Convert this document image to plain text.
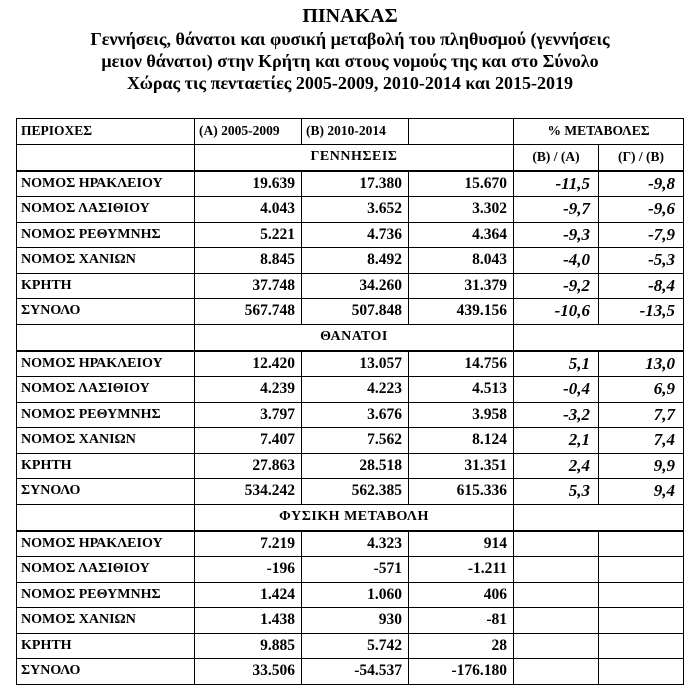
ΠΙΝΑΚΑΣ
Γεννήσεις, θάνατοι και φυσική μεταβολή του πληθυσμού (γεννήσεις
μειον θάνατοι) στην Κρήτη και στους νομούς της και στο Σύνολο
Χώρας τις πενταετίες 2005-2009, 2010-2014 και 2015-2019
ΠΕΡΙΟΧΕΣ	(Α) 2005-2009	(Β) 2010-2014		% ΜΕΤΑΒΟΛΕΣ	
	ΓΕΝΝΗΣΕΙΣ			(Β) / (Α)	(Γ) / (Β)
ΝΟΜΟΣ ΗΡΑΚΛΕΙΟΥ	19.639	17.380	15.670	-11,5	-9,8
ΝΟΜΟΣ ΛΑΣΙΘΙΟΥ	4.043	3.652	3.302	-9,7	-9,6
ΝΟΜΟΣ ΡΕΘΥΜΝΗΣ	5.221	4.736	4.364	-9,3	-7,9
ΝΟΜΟΣ ΧΑΝΙΩΝ	8.845	8.492	8.043	-4,0	-5,3
ΚΡΗΤΗ	37.748	34.260	31.379	-9,2	-8,4
ΣΥΝΟΛΟ	567.748	507.848	439.156	-10,6	-13,5
	ΘΑΝΑΤΟΙ				
ΝΟΜΟΣ ΗΡΑΚΛΕΙΟΥ	12.420	13.057	14.756	5,1	13,0
ΝΟΜΟΣ ΛΑΣΙΘΙΟΥ	4.239	4.223	4.513	-0,4	6,9
ΝΟΜΟΣ ΡΕΘΥΜΝΗΣ	3.797	3.676	3.958	-3,2	7,7
ΝΟΜΟΣ ΧΑΝΙΩΝ	7.407	7.562	8.124	2,1	7,4
ΚΡΗΤΗ	27.863	28.518	31.351	2,4	9,9
ΣΥΝΟΛΟ	534.242	562.385	615.336	5,3	9,4
	ΦΥΣΙΚΗ ΜΕΤΑΒΟΛΗ				
ΝΟΜΟΣ ΗΡΑΚΛΕΙΟΥ	7.219	4.323	914		
ΝΟΜΟΣ ΛΑΣΙΘΙΟΥ	-196	-571	-1.211		
ΝΟΜΟΣ ΡΕΘΥΜΝΗΣ	1.424	1.060	406		
ΝΟΜΟΣ ΧΑΝΙΩΝ	1.438	930	-81		
ΚΡΗΤΗ	9.885	5.742	28		
ΣΥΝΟΛΟ	33.506	-54.537	-176.180		
